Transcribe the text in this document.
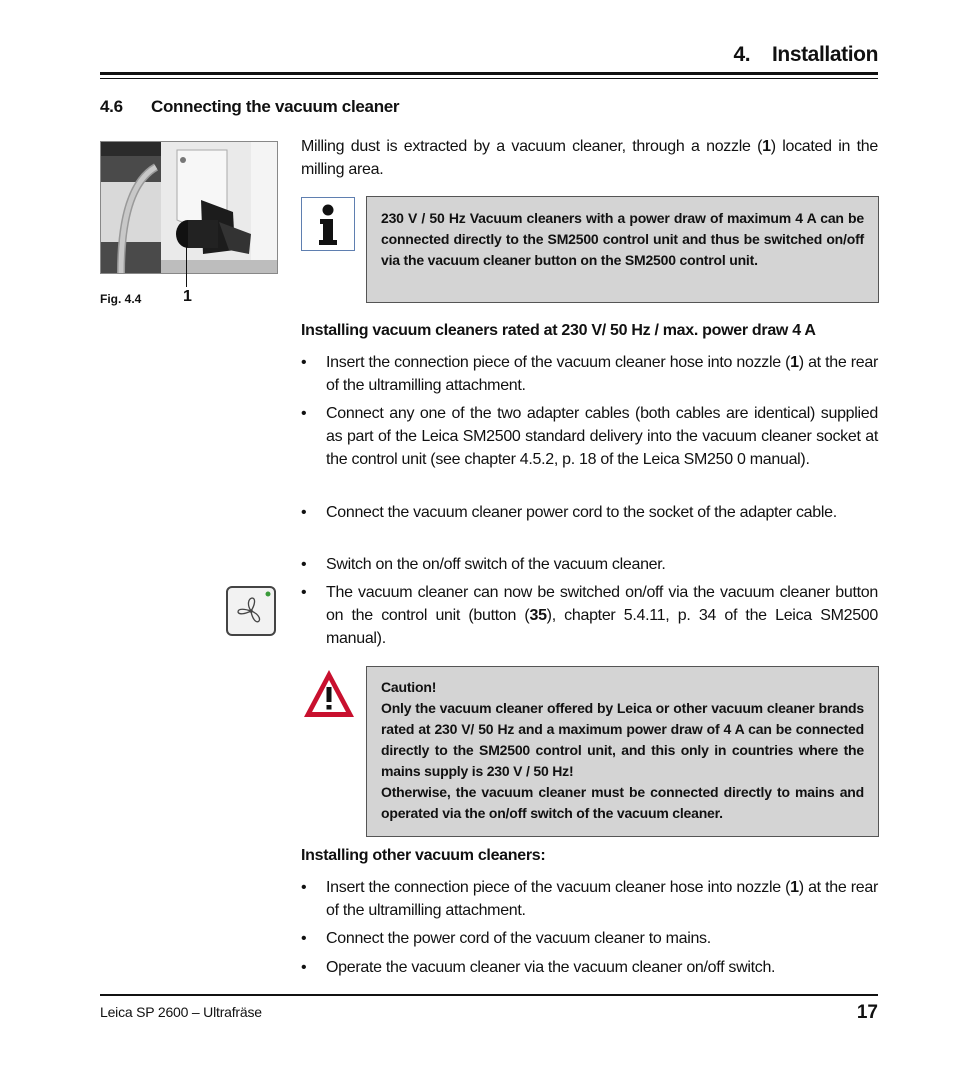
4.    Installation
4.6 Connecting the vacuum cleaner
Fig. 4.4	1
Milling dust is extracted by a vacuum cleaner, through a nozzle (1) located in the milling area.
230 V / 50 Hz Vacuum cleaners with a power draw of maximum 4 A can be connected directly to the SM2500 control unit and thus be switched on/off via the vacuum cleaner button on the SM2500 control unit.
Installing vacuum cleaners rated at 230 V/ 50 Hz / max. power draw 4 A
• Insert the connection piece of the vacuum cleaner hose into nozzle (1) at the rear of the ultramilling attachment.
• Connect any one of the two adapter cables (both cables are identical) supplied as part of the Leica SM2500 standard delivery into the vacuum cleaner socket at the control unit (see chapter 4.5.2, p. 18 of the Leica SM250 0 manual).
• Connect the vacuum cleaner power cord to the socket of the adapter cable.
• Switch on the on/off switch of the vacuum cleaner.
• The vacuum cleaner can now be switched on/off via the vacuum cleaner button on the control unit (button (35), chapter 5.4.11, p. 34 of the Leica SM2500 manual).
Caution!
Only the vacuum cleaner offered by Leica or other vacuum cleaner brands rated at 230 V/ 50 Hz and a maximum power draw of 4 A can be connected directly to the SM2500 control unit, and this only in countries where the mains supply is 230 V / 50 Hz!
Otherwise, the vacuum cleaner must be connected directly to mains and operated via the on/off switch of the vacuum cleaner.
Installing other vacuum cleaners:
• Insert the connection piece of the vacuum cleaner hose into nozzle (1) at the rear of the ultramilling attachment.
• Connect the power cord of the vacuum cleaner to mains.
• Operate the vacuum cleaner via the vacuum cleaner on/off switch.
Leica SP 2600 – Ultrafräse	17
